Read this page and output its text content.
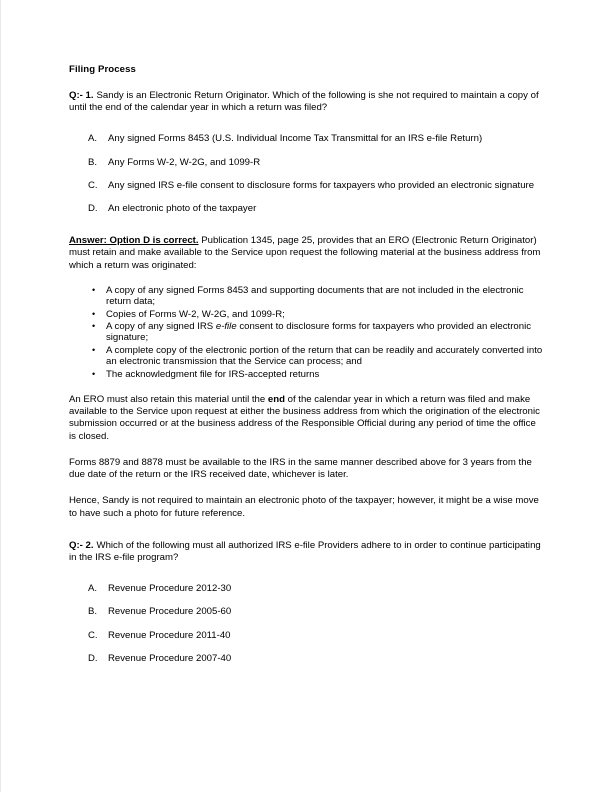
Filing Process

Q:- 1. Sandy is an Electronic Return Originator. Which of the following is she not required to maintain a copy of until the end of the calendar year in which a return was filed?

A.	Any signed Forms 8453 (U.S. Individual Income Tax Transmittal for an IRS e-file Return)
B.	Any Forms W-2, W-2G, and 1099-R
C.	Any signed IRS e-file consent to disclosure forms for taxpayers who provided an electronic signature
D.	An electronic photo of the taxpayer

Answer: Option D is correct. Publication 1345, page 25, provides that an ERO (Electronic Return Originator) must retain and make available to the Service upon request the following material at the business address from which a return was originated:

•	A copy of any signed Forms 8453 and supporting documents that are not included in the electronic return data;
•	Copies of Forms W-2, W-2G, and 1099-R;
•	A copy of any signed IRS e-file consent to disclosure forms for taxpayers who provided an electronic signature;
•	A complete copy of the electronic portion of the return that can be readily and accurately converted into an electronic transmission that the Service can process; and
•	The acknowledgment file for IRS-accepted returns

An ERO must also retain this material until the end of the calendar year in which a return was filed and make available to the Service upon request at either the business address from which the origination of the electronic submission occurred or at the business address of the Responsible Official during any period of time the office is closed.

Forms 8879 and 8878 must be available to the IRS in the same manner described above for 3 years from the due date of the return or the IRS received date, whichever is later.

Hence, Sandy is not required to maintain an electronic photo of the taxpayer; however, it might be a wise move to have such a photo for future reference.

Q:- 2. Which of the following must all authorized IRS e-file Providers adhere to in order to continue participating in the IRS e-file program?

A.	Revenue Procedure 2012-30
B.	Revenue Procedure 2005-60
C.	Revenue Procedure 2011-40
D.	Revenue Procedure 2007-40
